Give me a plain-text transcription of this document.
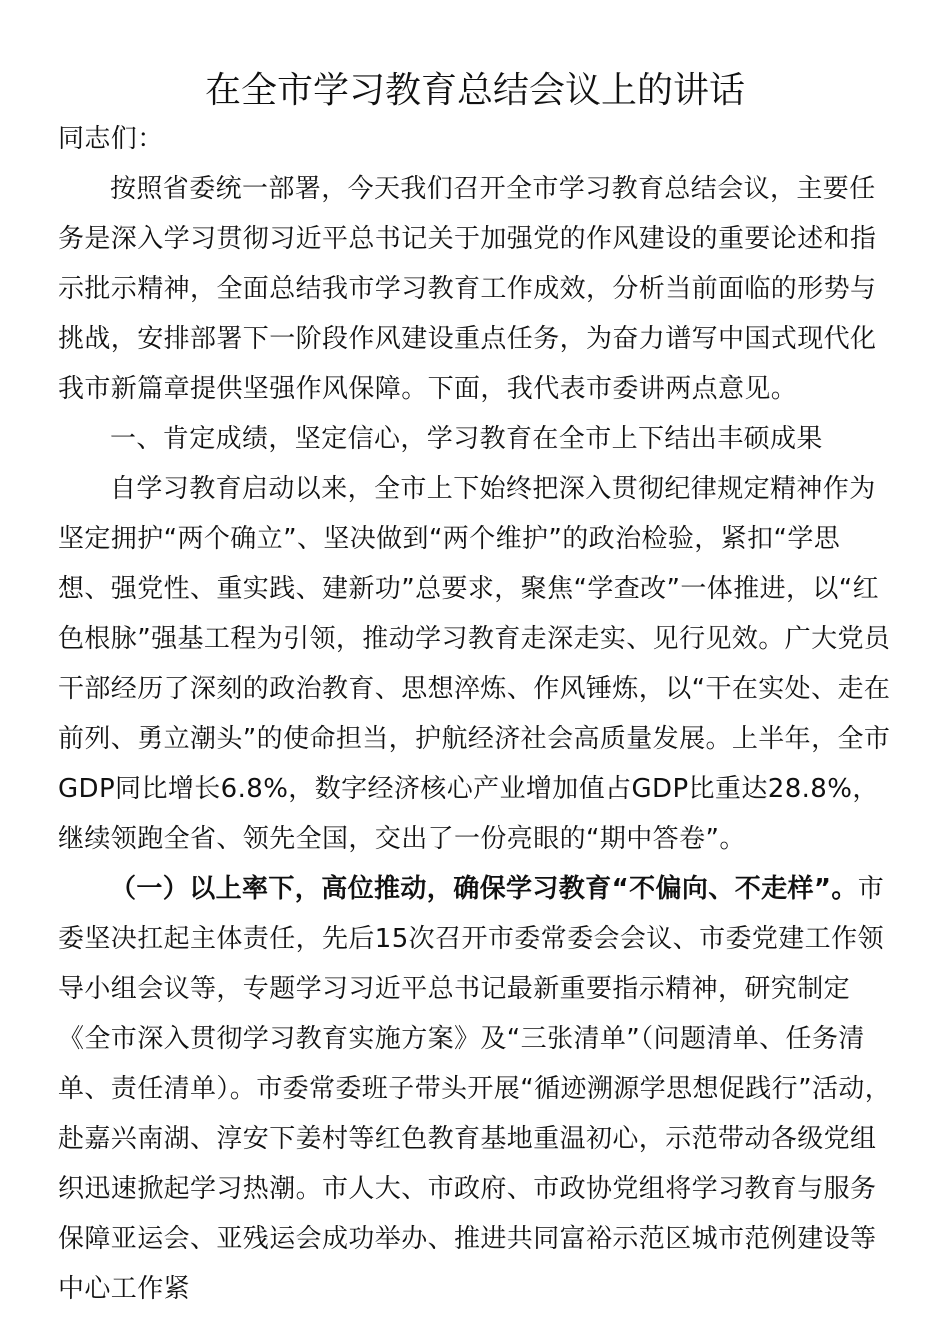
在全市学习教育总结会议上的讲话

同志们：

按照省委统一部署，今天我们召开全市学习教育总结会议，主要任务是深入学习贯彻习近平总书记关于加强党的作风建设的重要论述和指示批示精神，全面总结我市学习教育工作成效，分析当前面临的形势与挑战，安排部署下一阶段作风建设重点任务，为奋力谱写中国式现代化我市新篇章提供坚强作风保障。下面，我代表市委讲两点意见。

一、肯定成绩，坚定信心，学习教育在全市上下结出丰硕成果

自学习教育启动以来，全市上下始终把深入贯彻纪律规定精神作为坚定拥护“两个确立”、坚决做到“两个维护”的政治检验，紧扣“学思想、强党性、重实践、建新功”总要求，聚焦“学查改”一体推进，以“红色根脉”强基工程为引领，推动学习教育走深走实、见行见效。广大党员干部经历了深刻的政治教育、思想淬炼、作风锤炼，以“干在实处、走在前列、勇立潮头”的使命担当，护航经济社会高质量发展。上半年，全市GDP同比增长6.8%，数字经济核心产业增加值占GDP比重达28.8%，继续领跑全省、领先全国，交出了一份亮眼的“期中答卷”。

（一）以上率下，高位推动，确保学习教育“不偏向、不走样”。市委坚决扛起主体责任，先后15次召开市委常委会会议、市委党建工作领导小组会议等，专题学习习近平总书记最新重要指示精神，研究制定《全市深入贯彻学习教育实施方案》及“三张清单”（问题清单、任务清单、责任清单）。市委常委班子带头开展“循迹溯源学思想促践行”活动，赴嘉兴南湖、淳安下姜村等红色教育基地重温初心，示范带动各级党组织迅速掀起学习热潮。市人大、市政府、市政协党组将学习教育与服务保障亚运会、亚残运会成功举办、推进共同富裕示范区城市范例建设等中心工作紧
